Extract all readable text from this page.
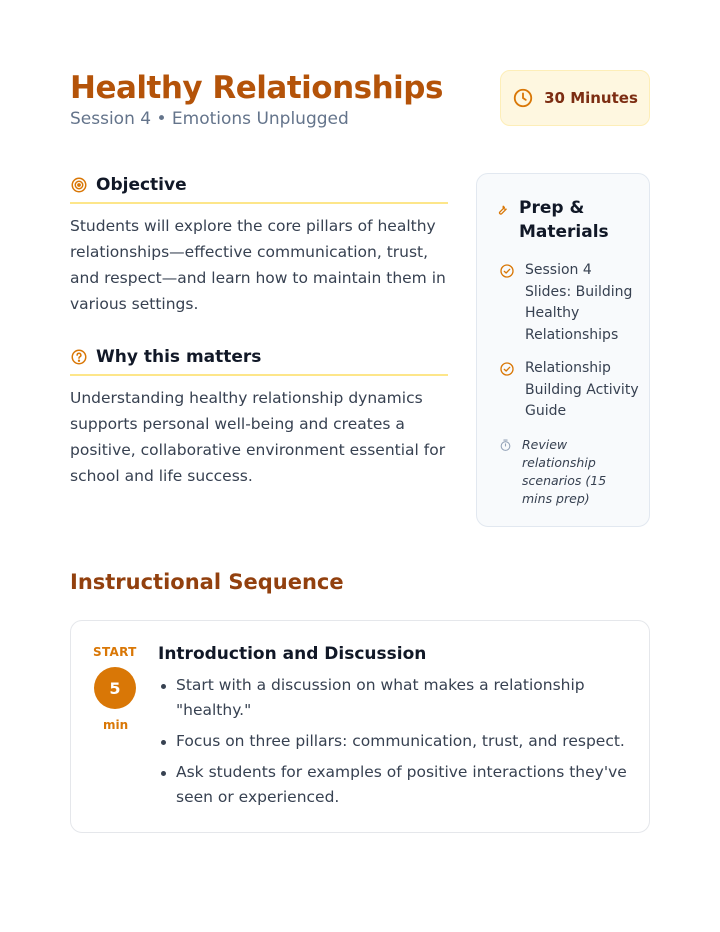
Healthy Relationships
Session 4 • Emotions Unplugged
30 Minutes
Objective
Students will explore the core pillars of healthy relationships—effective communication, trust, and respect—and learn how to maintain them in various settings.
Why this matters
Understanding healthy relationship dynamics supports personal well-being and creates a positive, collaborative environment essential for school and life success.
Prep & Materials
Session 4 Slides: Building Healthy Relationships
Relationship Building Activity Guide
Review relationship scenarios (15 mins prep)
Instructional Sequence
START
5
min
Introduction and Discussion
Start with a discussion on what makes a relationship "healthy."
Focus on three pillars: communication, trust, and respect.
Ask students for examples of positive interactions they've seen or experienced.
